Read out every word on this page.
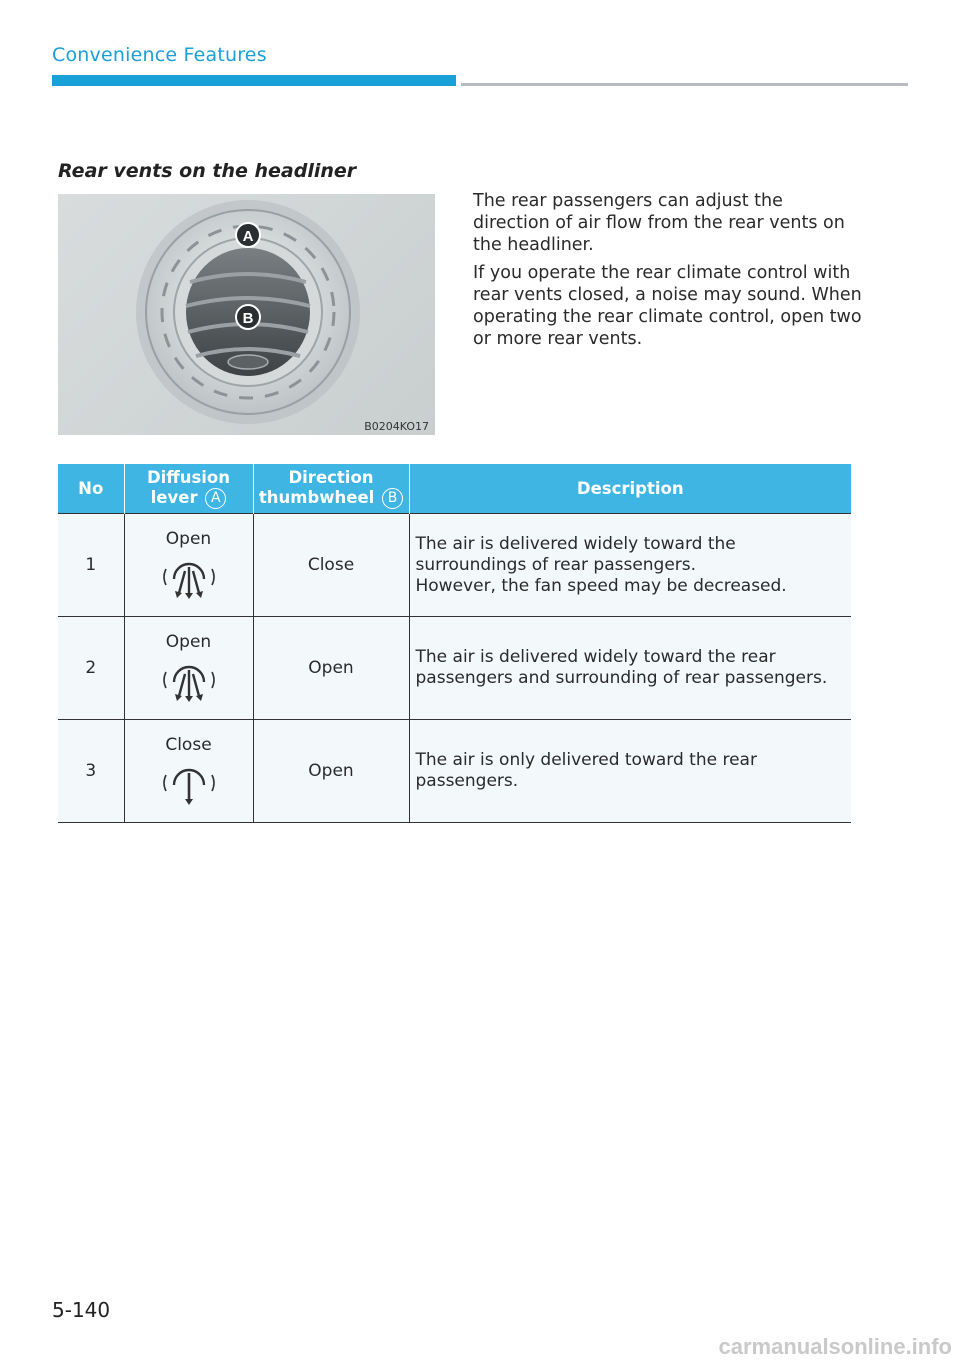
Convenience Features
Rear vents on the headliner
A
B
B0204KO17

The rear passengers can adjust the direction of air flow from the rear vents on the headliner.

If you operate the rear climate control with rear vents closed, a noise may sound. When operating the rear climate control, open two or more rear vents.

No	Diffusion lever A	Direction thumbwheel B	Description
1	Open	Close	The air is delivered widely toward the surroundings of rear passengers.
However, the fan speed may be decreased.
2	Open	Open	The air is delivered widely toward the rear passengers and surrounding of rear passengers.
3	Close	Open	The air is only delivered toward the rear passengers.
5-140
carmanualsonline.info
